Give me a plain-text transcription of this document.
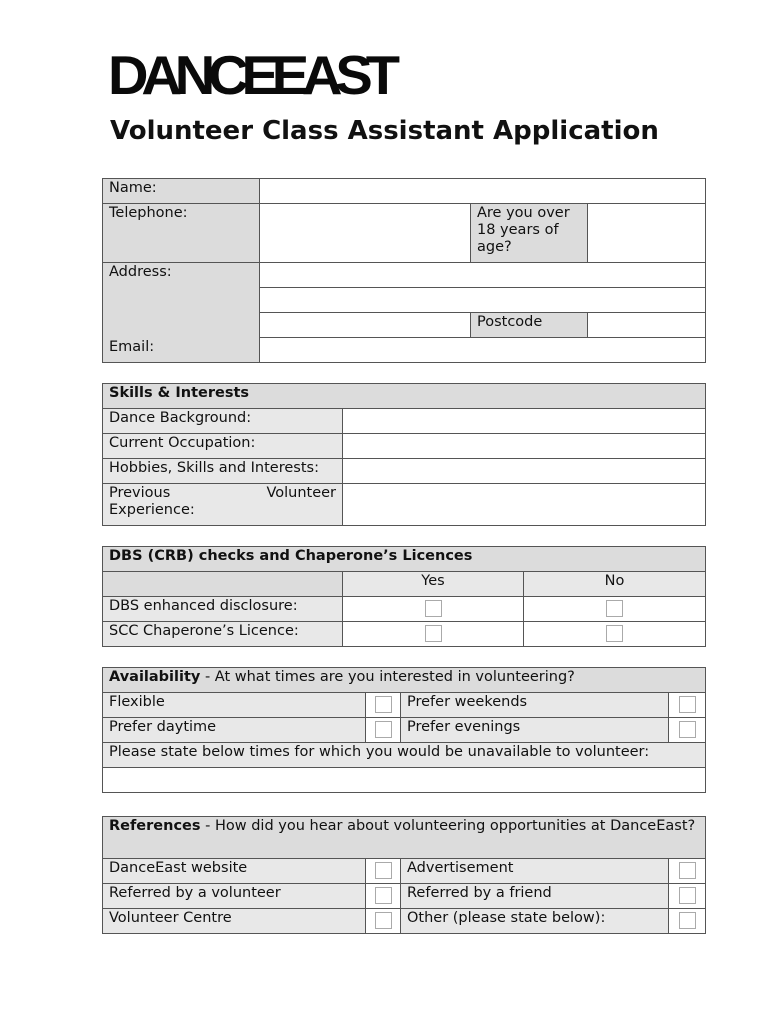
DANCEEAST
Volunteer Class Assistant Application
Name:			
Telephone:		Are you over 18 years of age?	
Address:			

		Postcode	
Email:			
Skills & Interests	
Dance Background:	
Current Occupation:	
Hobbies, Skills and Interests:	

Previous Volunteer
Experience:	

DBS (CRB) checks and Chaperone’s Licences		
	Yes	No
DBS enhanced disclosure:		
SCC Chaperone’s Licence:		
Availability - At what times are you interested in volunteering?			
Flexible		Prefer weekends	
Prefer daytime		Prefer evenings	
Please state below times for which you would be unavailable to volunteer:			

References - How did you hear about volunteering opportunities at DanceEast?			
DanceEast website		Advertisement	
Referred by a volunteer		Referred by a friend	
Volunteer Centre		Other (please state below):	
